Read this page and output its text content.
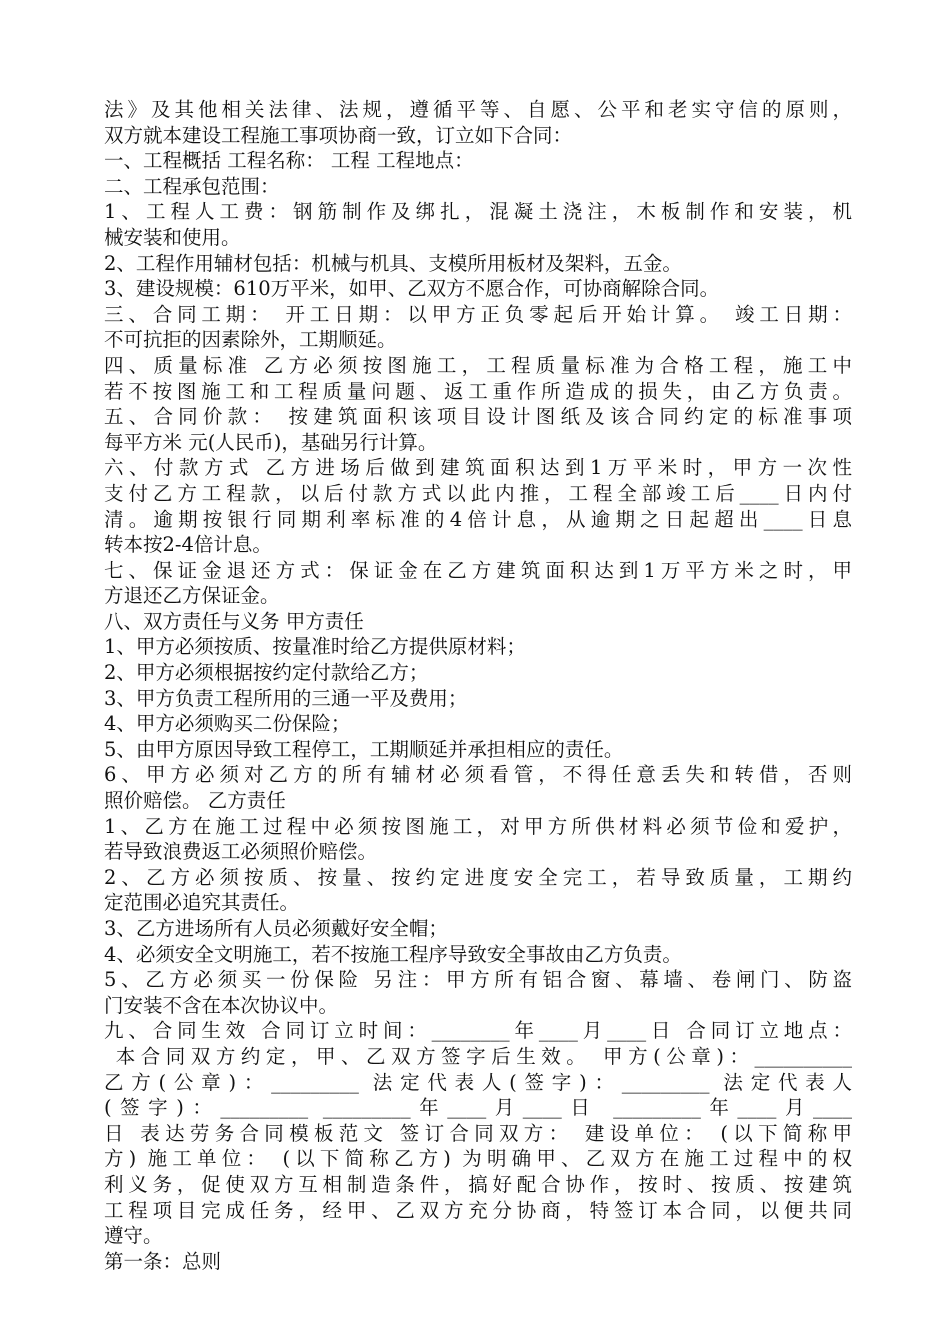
法》及其他相关法律、法规，遵循平等、自愿、公平和老实守信的原则，
双方就本建设工程施工事项协商一致，订立如下合同：
一、工程概括 工程名称： 工程 工程地点：
二、工程承包范围：
1、工程人工费：钢筋制作及绑扎，混凝土浇注，木板制作和安装，机
械安装和使用。
2、工程作用辅材包括：机械与机具、支模所用板材及架料，五金。
3、建设规模：610万平米，如甲、乙双方不愿合作，可协商解除合同。
三、合同工期： 开工日期：以甲方正负零起后开始计算。 竣工日期：
不可抗拒的因素除外，工期顺延。
四、质量标准 乙方必须按图施工，工程质量标准为合格工程，施工中
若不按图施工和工程质量问题、返工重作所造成的损失，由乙方负责。
五、合同价款： 按建筑面积该项目设计图纸及该合同约定的标准事项
每平方米 元(人民币)，基础另行计算。
六、付款方式 乙方进场后做到建筑面积达到1万平米时，甲方一次性
支付乙方工程款，以后付款方式以此内推，工程全部竣工后____日内付
清。逾期按银行同期利率标准的4倍计息，从逾期之日起超出____日息
转本按2-4倍计息。
七、保证金退还方式：保证金在乙方建筑面积达到1万平方米之时，甲
方退还乙方保证金。
八、双方责任与义务 甲方责任
1、甲方必须按质、按量准时给乙方提供原材料；
2、甲方必须根据按约定付款给乙方；
3、甲方负责工程所用的三通一平及费用；
4、甲方必须购买二份保险；
5、由甲方原因导致工程停工，工期顺延并承担相应的责任。
6、甲方必须对乙方的所有辅材必须看管，不得任意丢失和转借，否则
照价赔偿。 乙方责任
1、乙方在施工过程中必须按图施工，对甲方所供材料必须节俭和爱护，
若导致浪费返工必须照价赔偿。
2、乙方必须按质、按量、按约定进度安全完工，若导致质量，工期约
定范围必追究其责任。
3、乙方进场所有人员必须戴好安全帽；
4、必须安全文明施工，若不按施工程序导致安全事故由乙方负责。
5、乙方必须买一份保险 另注：甲方所有铝合窗、幕墙、卷闸门、防盗
门安装不含在本次协议中。
九、合同生效 合同订立时间：________年____月____日 合同订立地点：
本合同双方约定，甲、乙双方签字后生效。 甲方(公章)：__________
乙方(公章)：_________ 法定代表人(签字)：_________ 法定代表人
(签字)：_________ _________年____月____日 _________年____月____
日 表达劳务合同模板范文 签订合同双方： 建设单位： (以下简称甲
方) 施工单位： (以下简称乙方) 为明确甲、乙双方在施工过程中的权
利义务，促使双方互相制造条件，搞好配合协作，按时、按质、按建筑
工程项目完成任务，经甲、乙双方充分协商，特签订本合同，以便共同
遵守。
第一条：总则
